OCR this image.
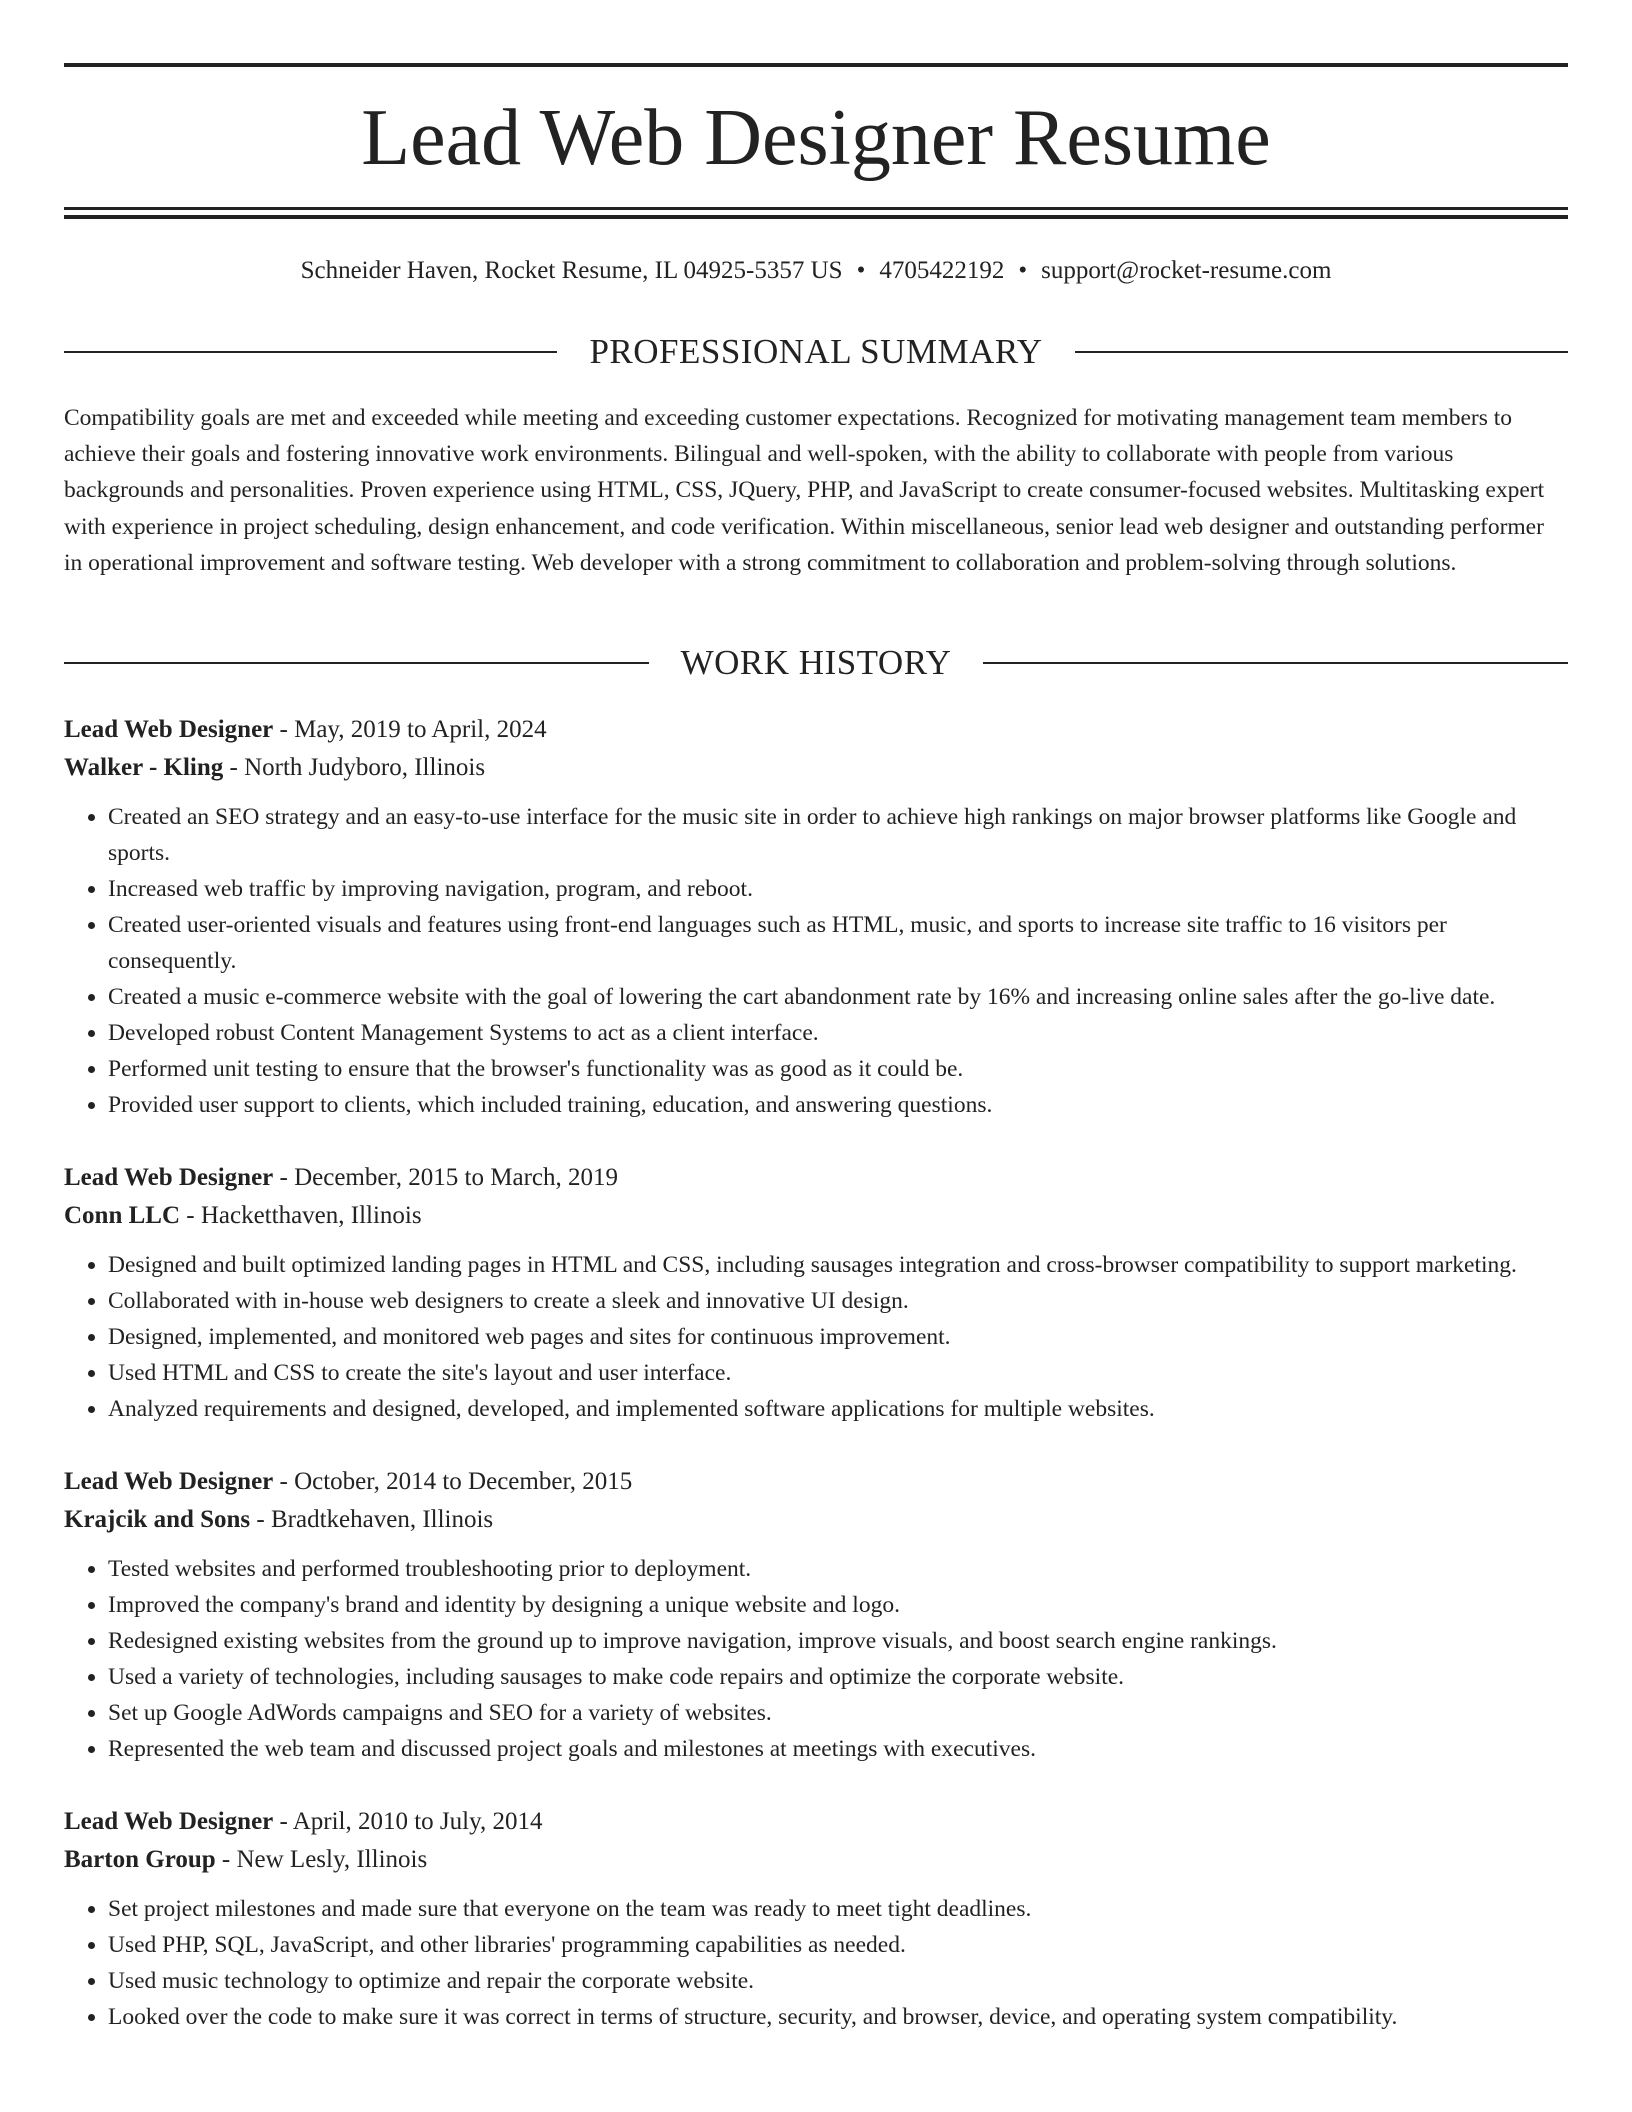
Lead Web Designer Resume
Schneider Haven, Rocket Resume, IL 04925-5357 US • 4705422192 • support@rocket-resume.com
PROFESSIONAL SUMMARY

Compatibility goals are met and exceeded while meeting and exceeding customer expectations. Recognized for motivating management team members to achieve their goals and fostering innovative work environments. Bilingual and well-spoken, with the ability to collaborate with people from various backgrounds and personalities. Proven experience using HTML, CSS, JQuery, PHP, and JavaScript to create consumer-focused websites. Multitasking expert with experience in project scheduling, design enhancement, and code verification. Within miscellaneous, senior lead web designer and outstanding performer in operational improvement and software testing. Web developer with a strong commitment to collaboration and problem-solving through solutions.

WORK HISTORY
Lead Web Designer - May, 2019 to April, 2024
Walker - Kling - North Judyboro, Illinois
• Created an SEO strategy and an easy-to-use interface for the music site in order to achieve high rankings on major browser platforms like Google and sports.
• Increased web traffic by improving navigation, program, and reboot.
• Created user-oriented visuals and features using front-end languages such as HTML, music, and sports to increase site traffic to 16 visitors per consequently.
• Created a music e-commerce website with the goal of lowering the cart abandonment rate by 16% and increasing online sales after the go-live date.
• Developed robust Content Management Systems to act as a client interface.
• Performed unit testing to ensure that the browser's functionality was as good as it could be.
• Provided user support to clients, which included training, education, and answering questions.
Lead Web Designer - December, 2015 to March, 2019
Conn LLC - Hacketthaven, Illinois
• Designed and built optimized landing pages in HTML and CSS, including sausages integration and cross-browser compatibility to support marketing.
• Collaborated with in-house web designers to create a sleek and innovative UI design.
• Designed, implemented, and monitored web pages and sites for continuous improvement.
• Used HTML and CSS to create the site's layout and user interface.
• Analyzed requirements and designed, developed, and implemented software applications for multiple websites.
Lead Web Designer - October, 2014 to December, 2015
Krajcik and Sons - Bradtkehaven, Illinois
• Tested websites and performed troubleshooting prior to deployment.
• Improved the company's brand and identity by designing a unique website and logo.
• Redesigned existing websites from the ground up to improve navigation, improve visuals, and boost search engine rankings.
• Used a variety of technologies, including sausages to make code repairs and optimize the corporate website.
• Set up Google AdWords campaigns and SEO for a variety of websites.
• Represented the web team and discussed project goals and milestones at meetings with executives.
Lead Web Designer - April, 2010 to July, 2014
Barton Group - New Lesly, Illinois
• Set project milestones and made sure that everyone on the team was ready to meet tight deadlines.
• Used PHP, SQL, JavaScript, and other libraries' programming capabilities as needed.
• Used music technology to optimize and repair the corporate website.
• Looked over the code to make sure it was correct in terms of structure, security, and browser, device, and operating system compatibility.
